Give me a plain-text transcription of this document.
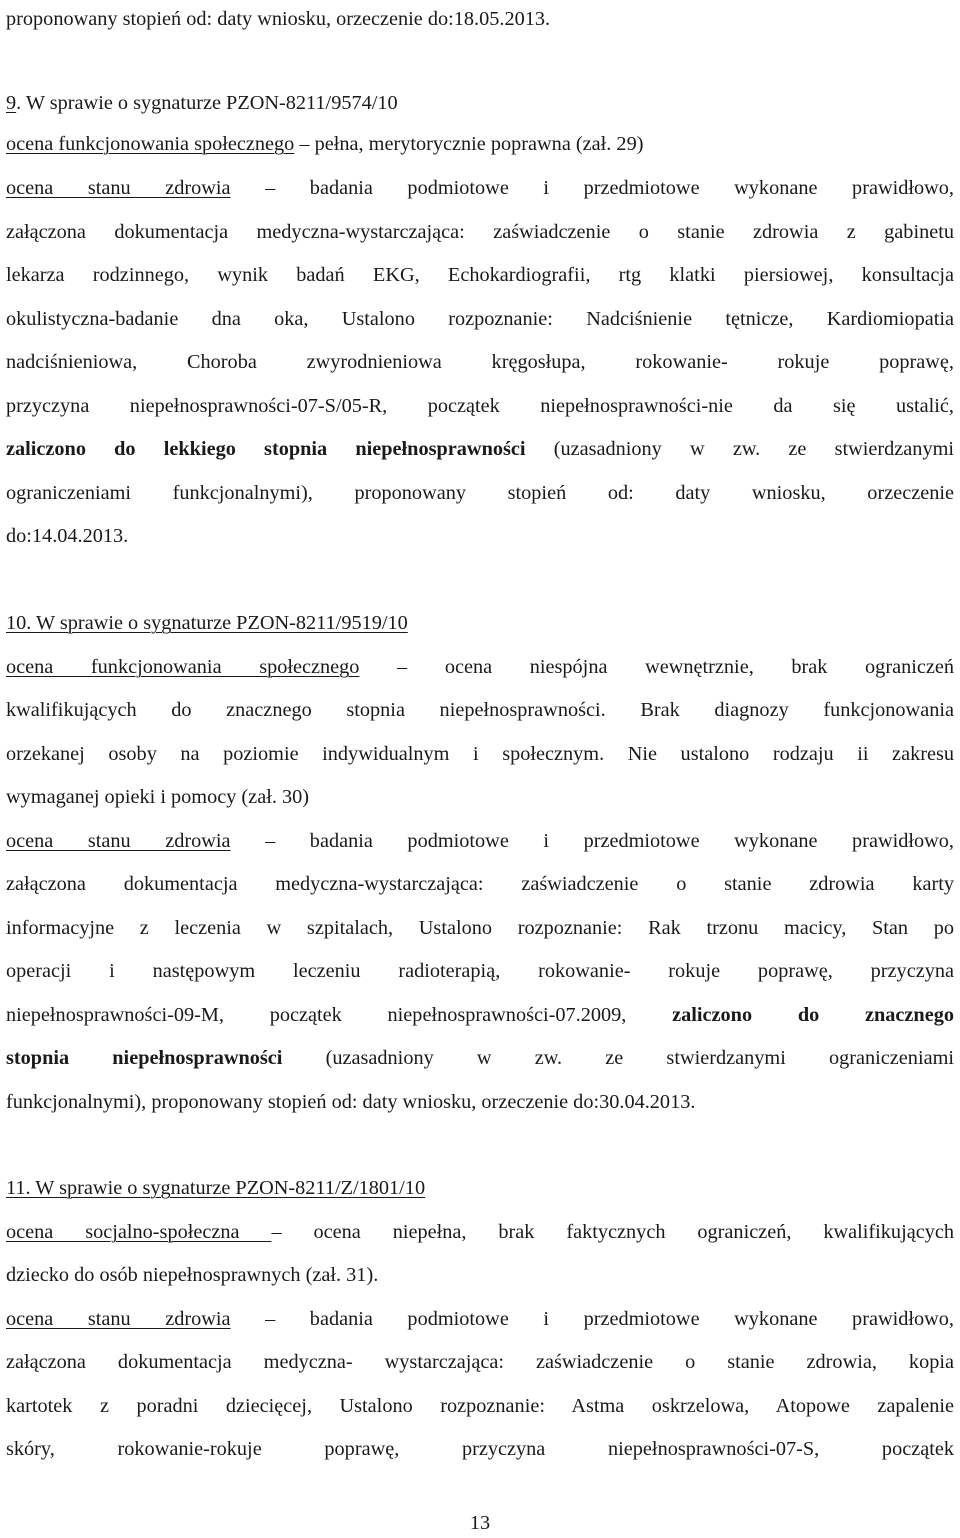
proponowany stopień od: daty wniosku, orzeczenie do:18.05.2013.
9. W sprawie o sygnaturze PZON-8211/9574/10
ocena funkcjonowania społecznego – pełna, merytorycznie poprawna (zał. 29)
ocena stanu zdrowia – badania podmiotowe i przedmiotowe wykonane prawidłowo,
załączona dokumentacja medyczna-wystarczająca: zaświadczenie o stanie zdrowia z gabinetu
lekarza rodzinnego, wynik badań EKG, Echokardiografii, rtg klatki piersiowej, konsultacja
okulistyczna-badanie dna oka, Ustalono rozpoznanie: Nadciśnienie tętnicze, Kardiomiopatia
nadciśnieniowa, Choroba zwyrodnieniowa kręgosłupa, rokowanie- rokuje poprawę,
przyczyna niepełnosprawności-07-S/05-R, początek niepełnosprawności-nie da się ustalić,
zaliczono do lekkiego stopnia niepełnosprawności (uzasadniony w zw. ze stwierdzanymi
ograniczeniami funkcjonalnymi), proponowany stopień od: daty wniosku, orzeczenie
do:14.04.2013.
10. W sprawie o sygnaturze PZON-8211/9519/10
ocena funkcjonowania społecznego – ocena niespójna wewnętrznie, brak ograniczeń
kwalifikujących do znacznego stopnia niepełnosprawności. Brak diagnozy funkcjonowania
orzekanej osoby na poziomie indywidualnym i społecznym. Nie ustalono rodzaju ii zakresu
wymaganej opieki i pomocy (zał. 30)
ocena stanu zdrowia – badania podmiotowe i przedmiotowe wykonane prawidłowo,
załączona dokumentacja medyczna-wystarczająca: zaświadczenie o stanie zdrowia karty
informacyjne z leczenia w szpitalach, Ustalono rozpoznanie: Rak trzonu macicy, Stan po
operacji i następowym leczeniu radioterapią, rokowanie- rokuje poprawę, przyczyna
niepełnosprawności-09-M, początek niepełnosprawności-07.2009, zaliczono do znacznego
stopnia niepełnosprawności (uzasadniony w zw. ze stwierdzanymi ograniczeniami
funkcjonalnymi), proponowany stopień od: daty wniosku, orzeczenie do:30.04.2013.
11. W sprawie o sygnaturze PZON-8211/Z/1801/10
ocena socjalno-społeczna – ocena niepełna, brak faktycznych ograniczeń, kwalifikujących
dziecko do osób niepełnosprawnych (zał. 31).
ocena stanu zdrowia – badania podmiotowe i przedmiotowe wykonane prawidłowo,
załączona dokumentacja medyczna- wystarczająca: zaświadczenie o stanie zdrowia, kopia
kartotek z poradni dziecięcej, Ustalono rozpoznanie: Astma oskrzelowa, Atopowe zapalenie
skóry, rokowanie-rokuje poprawę, przyczyna niepełnosprawności-07-S, początek
13
